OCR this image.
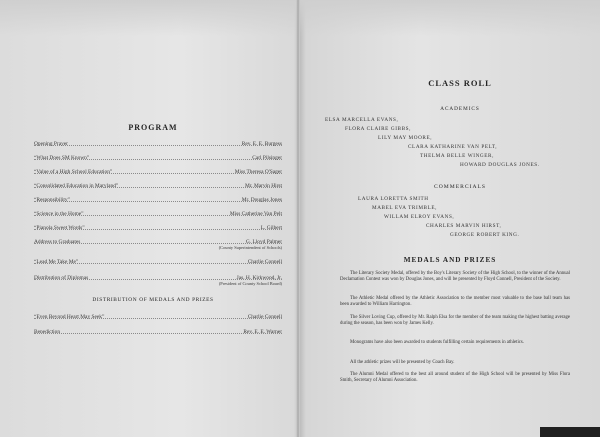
PROGRAM
Opening Prayer	Rev. E. E. Burgess
“What Does SM Known”	Carl Pilsinger
“Value of a High School Education”	Miss Theresa O'Sager
“Consolidated Education in Maryland”	Mr. Marvin Hirst
“Responsibility”	Mr. Douglas Jones
“Science in the Home”	Miss Catherine Van Pelt
“Pianola Sweet Words”	L. Gilbert
Address to Graduates	G. Lloyd Palmer
(County Superintendent of Schools)
“Lead Me Take Me”	Charlie Connell
Distribution of Diplomas	Jas. H. Kirkwood, Jr.
(President of County School Board)
DISTRIBUTION OF MEDALS AND PRIZES
“Even Beyond Heart May Seek”	Charlie Connell
Benediction	Rev. E. E. Warner
CLASS ROLL
ACADEMICS
ELSA MARCELLA EVANS,
FLORA CLAIRE GIBBS,
LILY MAY MOORE,
CLARA KATHARINE VAN PELT,
THELMA BELLE WINGER,
HOWARD DOUGLAS JONES.
COMMERCIALS
LAURA LORETTA SMITH
MABEL EVA TRIMBLE,
WILLAM ELROY EVANS,
CHARLES MARVIN HIRST,
GEORGE ROBERT KING.
MEDALS AND PRIZES
The Literary Society Medal, offered by the Boy's Literary Society of the High School, to the winner of the Annual Declamation Contest was won by Douglas Jones, and will be presented by Floyd Connell, President of the Society.
The Athletic Medal offered by the Athletic Association to the member most valuable to the base ball team has been awarded to William Harrington.
The Silver Loving Cup, offered by Mr. Ralph Elsa for the member of the team making the highest batting average during the season, has been won by James Kelly.
Monograms have also been awarded to students fulfilling certain requirements in athletics.
All the athletic prizes will be presented by Coach Bay.
The Alumni Medal offered to the best all around student of the High School will be presented by Miss Flora Smith, Secretary of Alumni Association.
